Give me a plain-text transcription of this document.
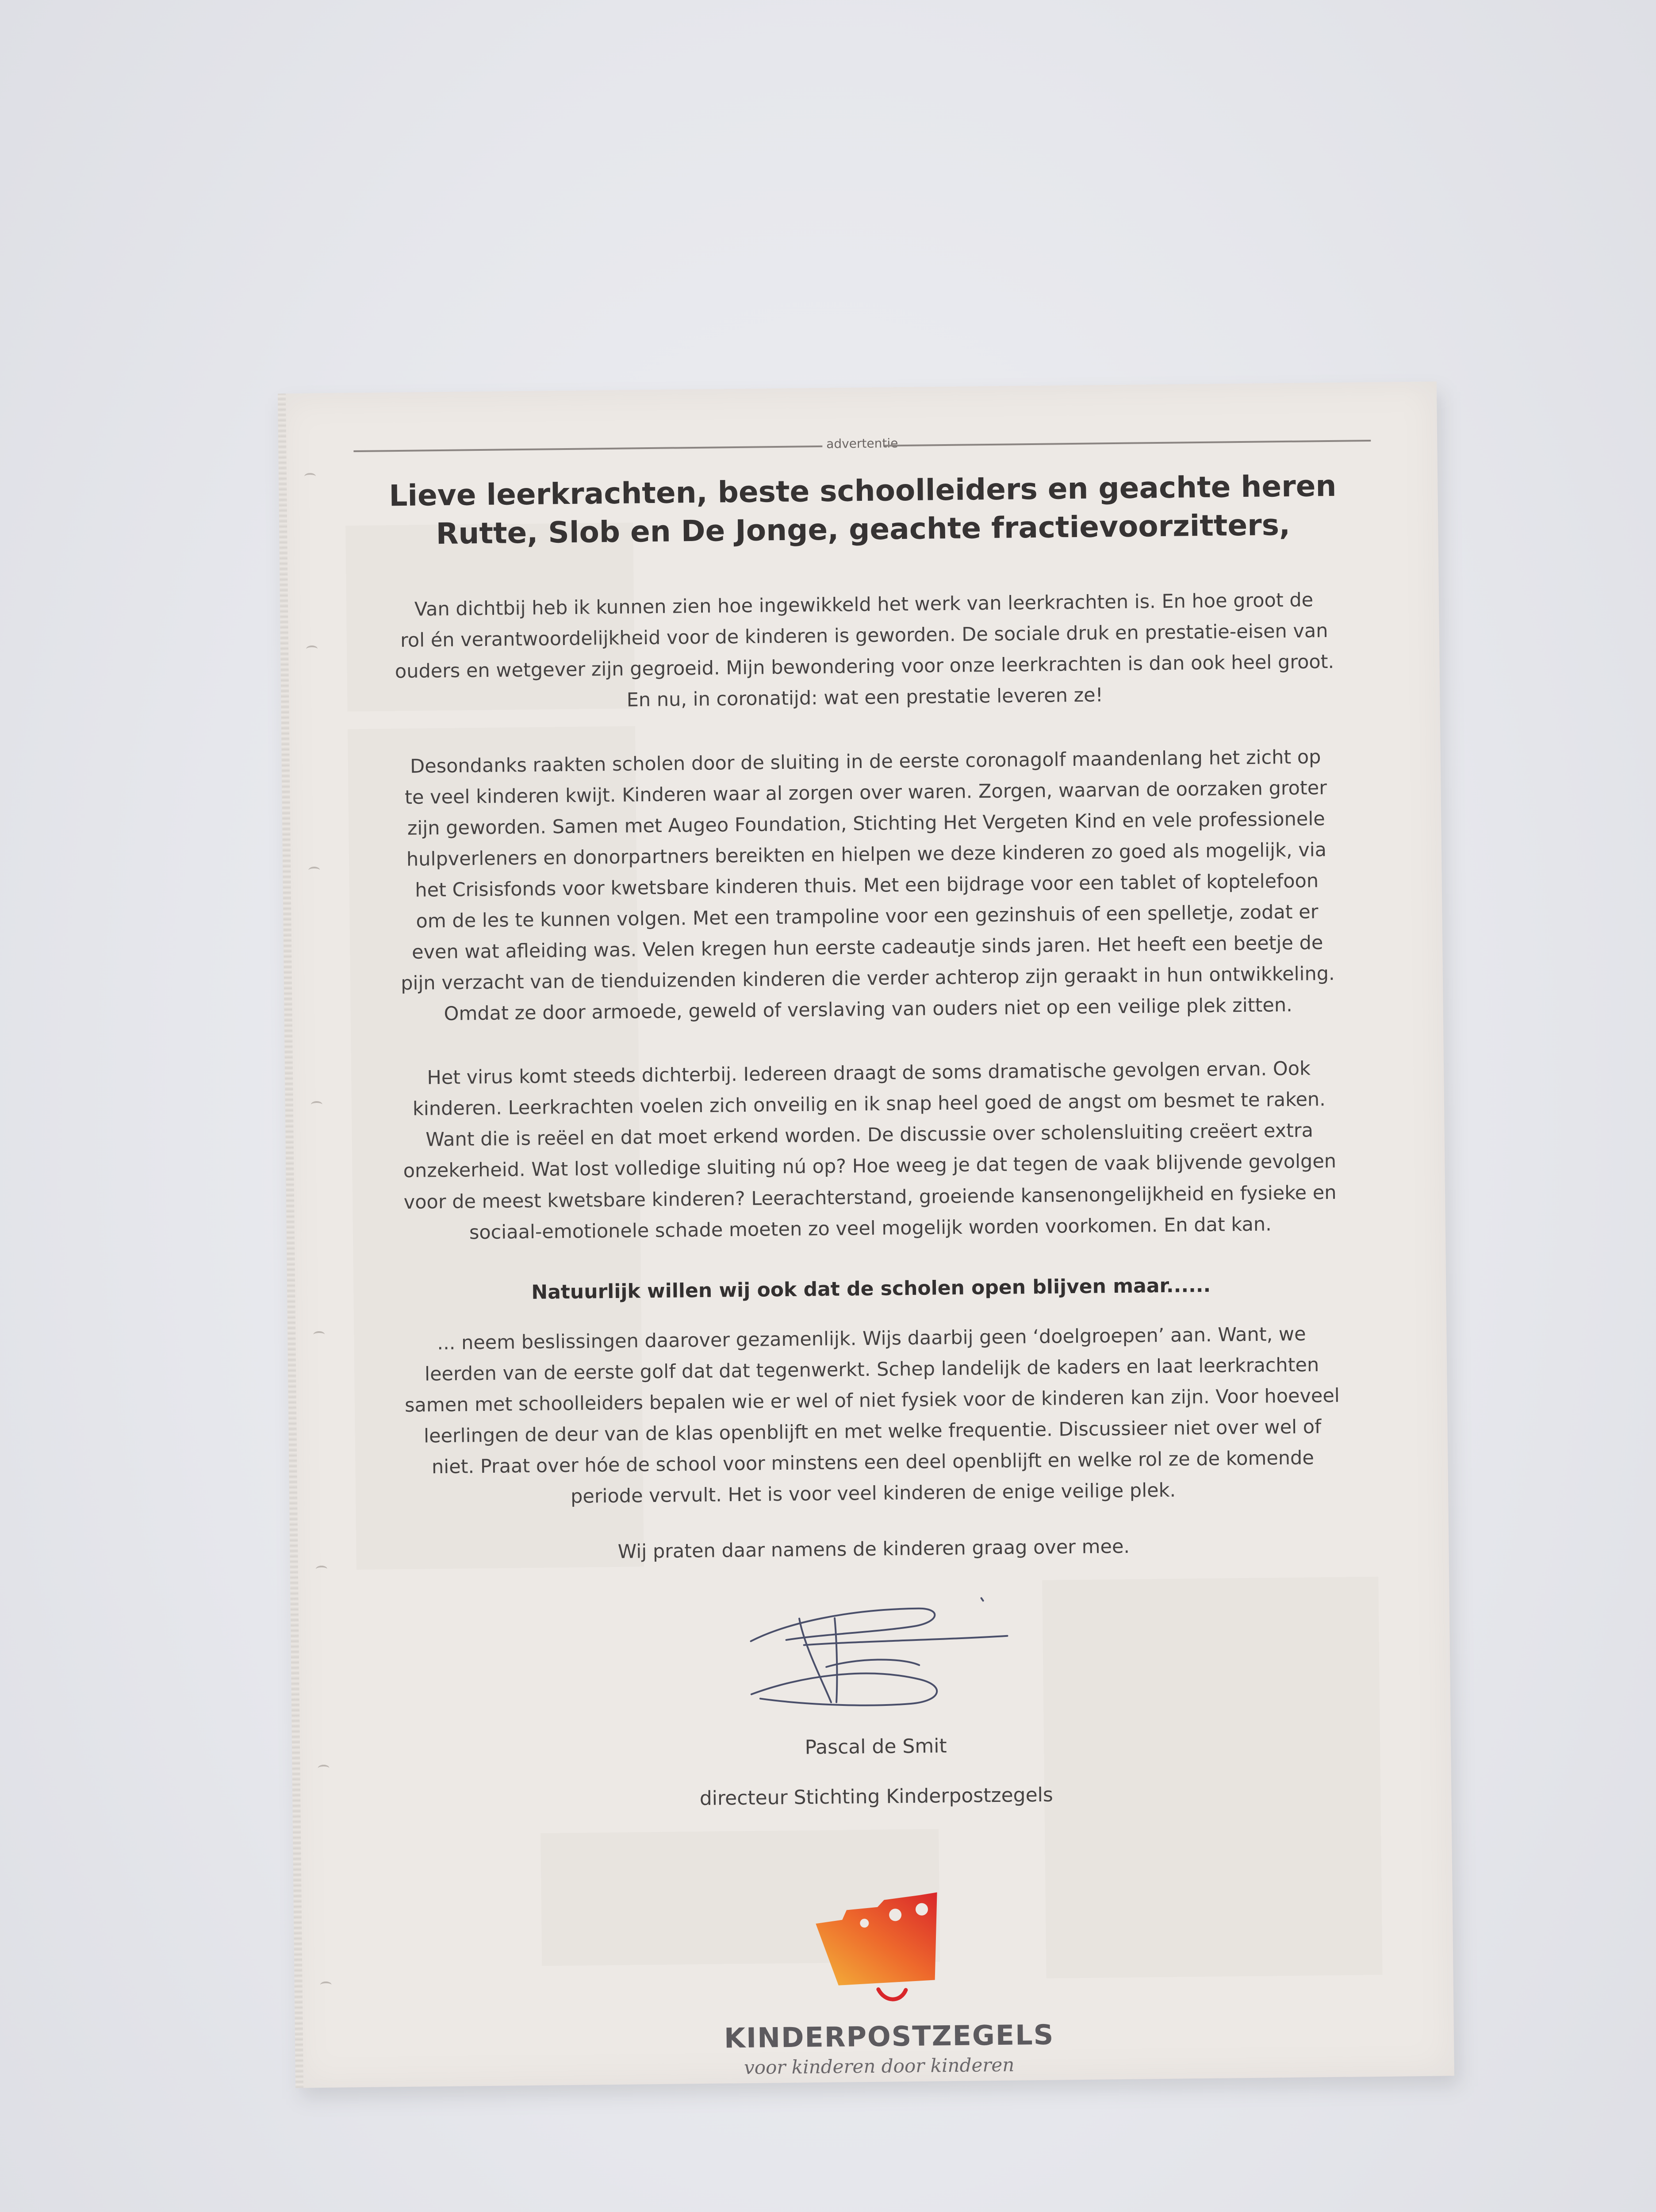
advertentie
Lieve leerkrachten, beste schoolleiders en geachte heren
Rutte, Slob en De Jonge, geachte fractievoorzitters,

Van dichtbij heb ik kunnen zien hoe ingewikkeld het werk van leerkrachten is. En hoe groot de
rol én verantwoordelijkheid voor de kinderen is geworden. De sociale druk en prestatie-eisen van
ouders en wetgever zijn gegroeid. Mijn bewondering voor onze leerkrachten is dan ook heel groot.
En nu, in coronatijd: wat een prestatie leveren ze!

Desondanks raakten scholen door de sluiting in de eerste coronagolf maandenlang het zicht op
te veel kinderen kwijt. Kinderen waar al zorgen over waren. Zorgen, waarvan de oorzaken groter
zijn geworden. Samen met Augeo Foundation, Stichting Het Vergeten Kind en vele professionele
hulpverleners en donorpartners bereikten en hielpen we deze kinderen zo goed als mogelijk, via
het Crisisfonds voor kwetsbare kinderen thuis. Met een bijdrage voor een tablet of koptelefoon
om de les te kunnen volgen. Met een trampoline voor een gezinshuis of een spelletje, zodat er
even wat afleiding was. Velen kregen hun eerste cadeautje sinds jaren. Het heeft een beetje de
pijn verzacht van de tienduizenden kinderen die verder achterop zijn geraakt in hun ontwikkeling.
Omdat ze door armoede, geweld of verslaving van ouders niet op een veilige plek zitten.

Het virus komt steeds dichterbij. Iedereen draagt de soms dramatische gevolgen ervan. Ook
kinderen. Leerkrachten voelen zich onveilig en ik snap heel goed de angst om besmet te raken.
Want die is reëel en dat moet erkend worden. De discussie over scholensluiting creëert extra
onzekerheid. Wat lost volledige sluiting nú op? Hoe weeg je dat tegen de vaak blijvende gevolgen
voor de meest kwetsbare kinderen? Leerachterstand, groeiende kansenongelijkheid en fysieke en
sociaal-emotionele schade moeten zo veel mogelijk worden voorkomen. En dat kan.

Natuurlijk willen wij ook dat de scholen open blijven maar......

... neem beslissingen daarover gezamenlijk. Wijs daarbij geen ‘doelgroepen’ aan. Want, we
leerden van de eerste golf dat dat tegenwerkt. Schep landelijk de kaders en laat leerkrachten
samen met schoolleiders bepalen wie er wel of niet fysiek voor de kinderen kan zijn. Voor hoeveel
leerlingen de deur van de klas openblijft en met welke frequentie. Discussieer niet over wel of
niet. Praat over hóe de school voor minstens een deel openblijft en welke rol ze de komende
periode vervult. Het is voor veel kinderen de enige veilige plek.

Wij praten daar namens de kinderen graag over mee.

Pascal de Smit
directeur Stichting Kinderpostzegels
KINDERPOSTZEGELS
voor kinderen door kinderen
